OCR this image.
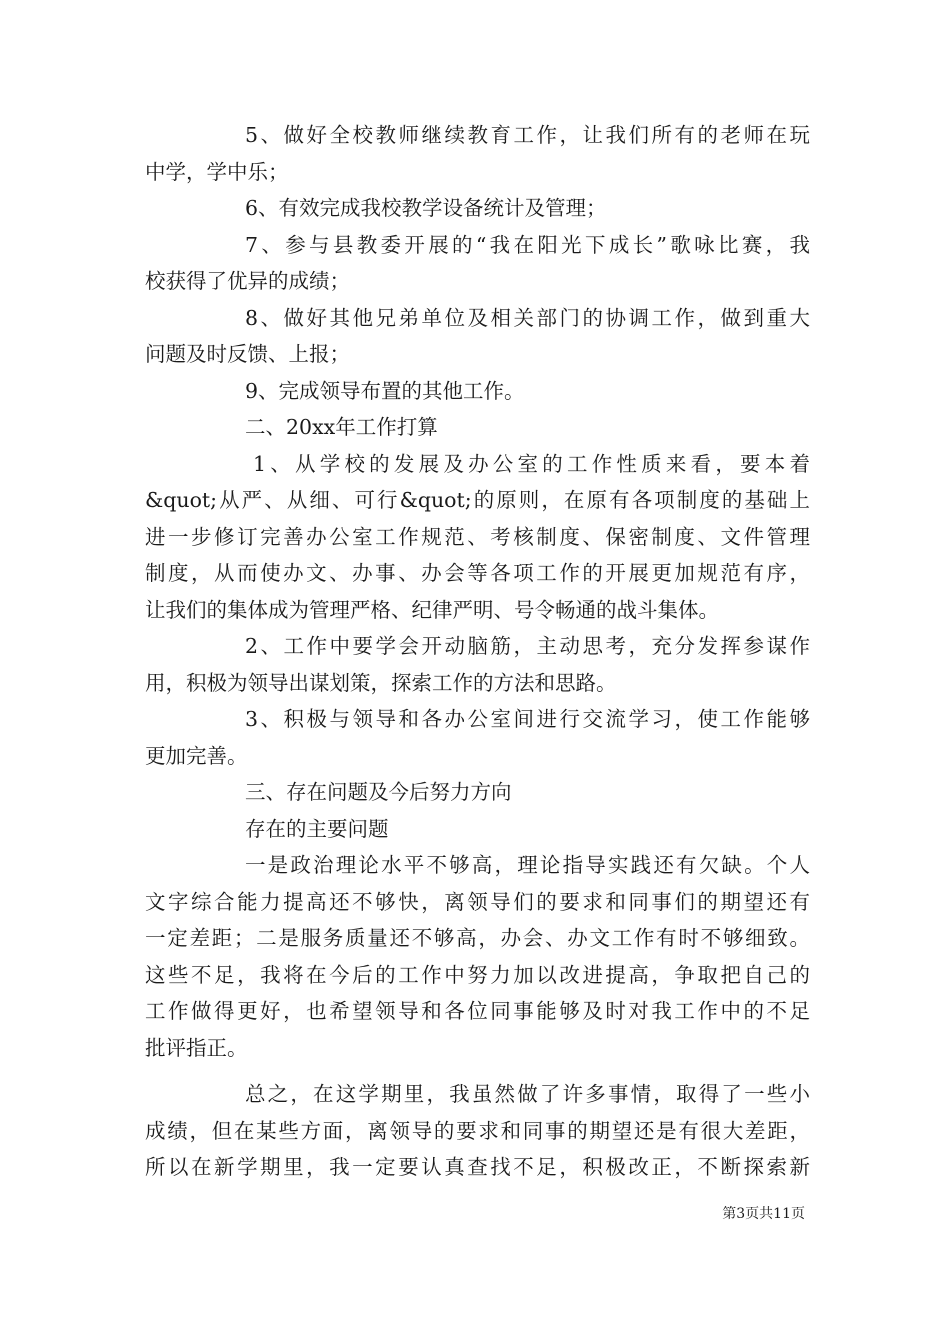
5、做好全校教师继续教育工作，让我们所有的老师在玩
中学，学中乐；
6、有效完成我校教学设备统计及管理；
7、参与县教委开展的“我在阳光下成长”歌咏比赛，我
校获得了优异的成绩；
8、做好其他兄弟单位及相关部门的协调工作，做到重大
问题及时反馈、上报；
9、完成领导布置的其他工作。
二、20xx年工作打算
1、从学校的发展及办公室的工作性质来看，要本着
&quot;从严、从细、可行&quot;的原则，在原有各项制度的基础上
进一步修订完善办公室工作规范、考核制度、保密制度、文件管理
制度，从而使办文、办事、办会等各项工作的开展更加规范有序，
让我们的集体成为管理严格、纪律严明、号令畅通的战斗集体。
2、工作中要学会开动脑筋，主动思考，充分发挥参谋作
用，积极为领导出谋划策，探索工作的方法和思路。
3、积极与领导和各办公室间进行交流学习，使工作能够
更加完善。
三、存在问题及今后努力方向
存在的主要问题
一是政治理论水平不够高，理论指导实践还有欠缺。个人
文字综合能力提高还不够快，离领导们的要求和同事们的期望还有
一定差距；二是服务质量还不够高，办会、办文工作有时不够细致。
这些不足，我将在今后的工作中努力加以改进提高，争取把自己的
工作做得更好，也希望领导和各位同事能够及时对我工作中的不足
批评指正。
总之，在这学期里，我虽然做了许多事情，取得了一些小
成绩，但在某些方面，离领导的要求和同事的期望还是有很大差距，
所以在新学期里，我一定要认真查找不足，积极改正，不断探索新
第3页共11页
